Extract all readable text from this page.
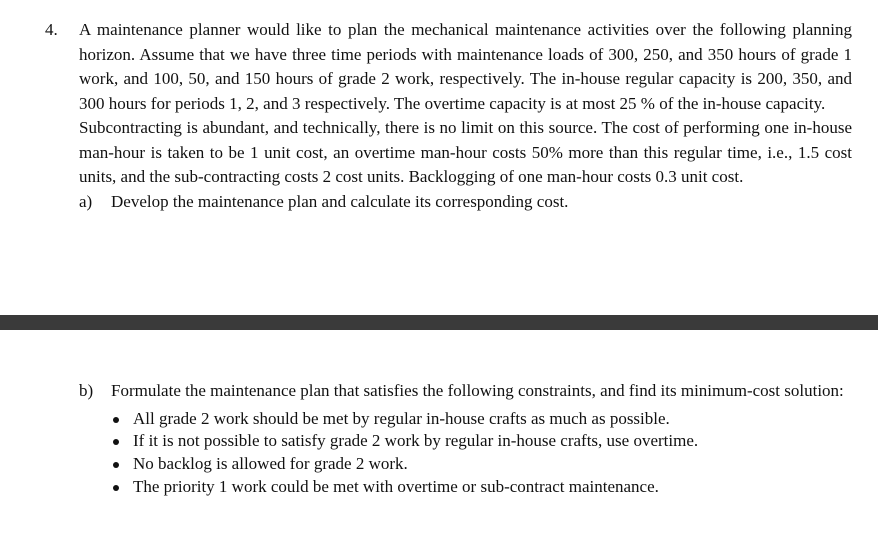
4. A maintenance planner would like to plan the mechanical maintenance activities over the following planning horizon. Assume that we have three time periods with maintenance loads of 300, 250, and 350 hours of grade 1 work, and 100, 50, and 150 hours of grade 2 work, respectively. The in-house regular capacity is 200, 350, and 300 hours for periods 1, 2, and 3 respectively. The overtime capacity is at most 25 % of the in-house capacity.

Subcontracting is abundant, and technically, there is no limit on this source. The cost of performing one in-house man-hour is taken to be 1 unit cost, an overtime man-hour costs 50% more than this regular time, i.e., 1.5 cost units, and the sub-contracting costs 2 cost units. Backlogging of one man-hour costs 0.3 unit cost.

a) Develop the maintenance plan and calculate its corresponding cost.

b) Formulate the maintenance plan that satisfies the following constraints, and find its minimum-cost solution:

All grade 2 work should be met by regular in-house crafts as much as possible.
If it is not possible to satisfy grade 2 work by regular in-house crafts, use overtime.
No backlog is allowed for grade 2 work.
The priority 1 work could be met with overtime or sub-contract maintenance.
